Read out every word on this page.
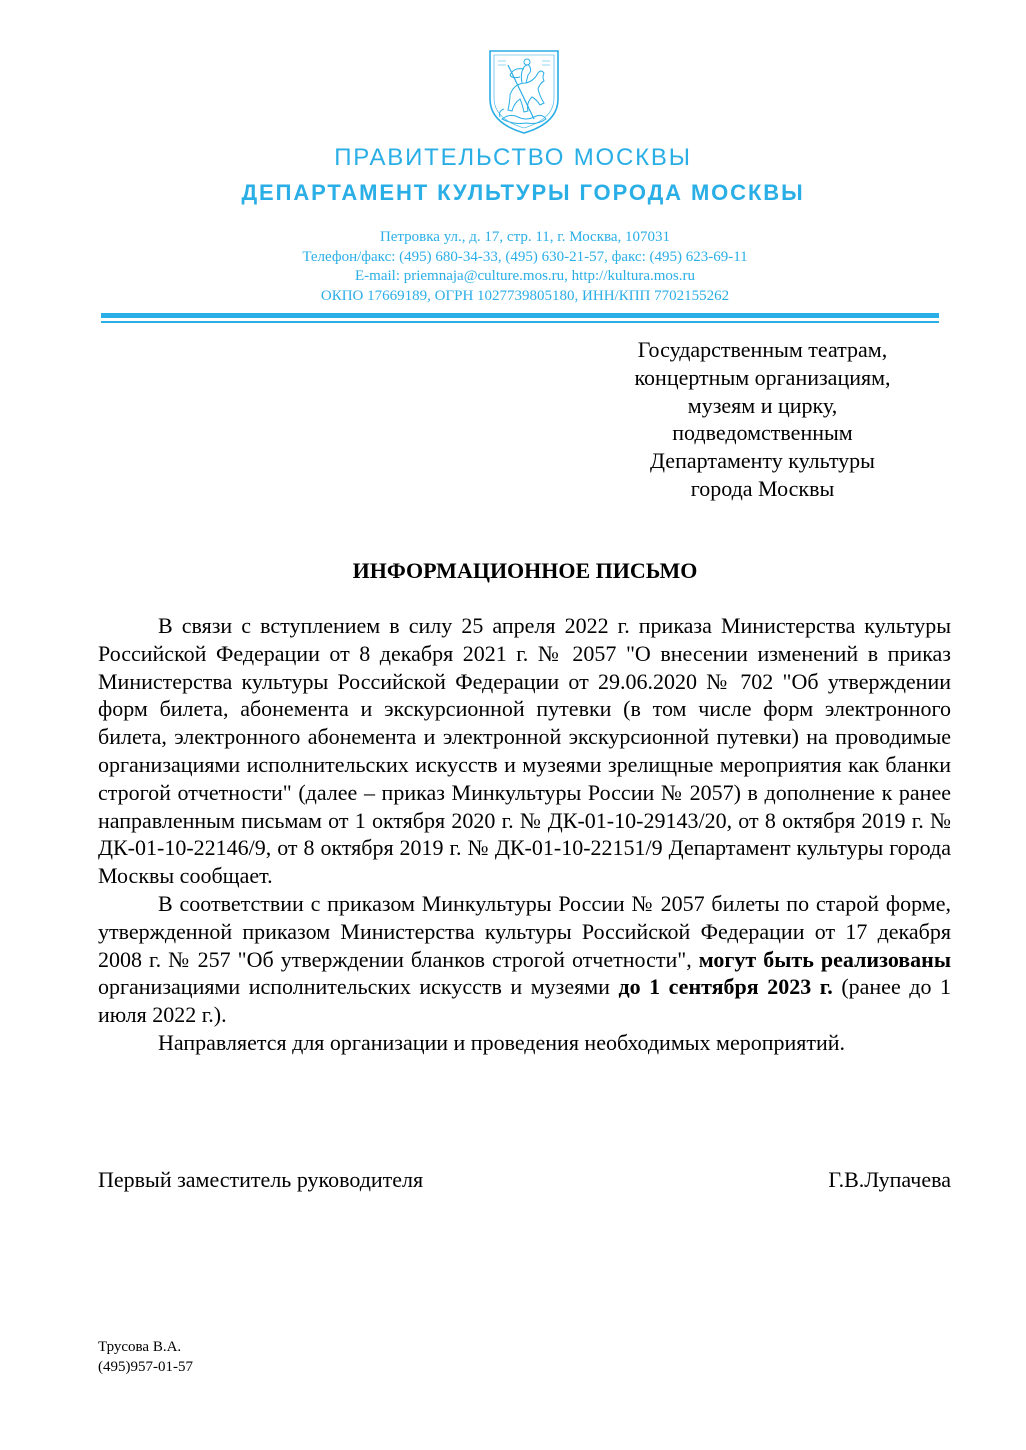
ПРАВИТЕЛЬСТВО МОСКВЫ
ДЕПАРТАМЕНТ КУЛЬТУРЫ ГОРОДА МОСКВЫ
Петровка ул., д. 17, стр. 11, г. Москва, 107031
Телефон/факс: (495) 680-34-33, (495) 630-21-57, факс: (495) 623-69-11
E-mail: priemnaja@culture.mos.ru, http://kultura.mos.ru
ОКПО 17669189, ОГРН 1027739805180, ИНН/КПП 7702155262
Государственным театрам,
концертным организациям,
музеям и цирку,
подведомственным
Департаменту культуры
города Москвы
ИНФОРМАЦИОННОЕ ПИСЬМО

В связи с вступлением в силу 25 апреля 2022 г. приказа Министерства культуры Российской Федерации от 8 декабря 2021 г. № 2057 "О внесении изменений в приказ Министерства культуры Российской Федерации от 29.06.2020 № 702 "Об утверждении форм билета, абонемента и экскурсионной путевки (в том числе форм электронного билета, электронного абонемента и электронной экскурсионной путевки) на проводимые организациями исполнительских искусств и музеями зрелищные мероприятия как бланки строгой отчетности" (далее – приказ Минкультуры России № 2057) в дополнение к ранее направленным письмам от 1 октября 2020 г. № ДК-01-10-29143/20, от 8 октября 2019 г. № ДК-01-10-22146/9, от 8 октября 2019 г. № ДК-01-10-22151/9 Департамент культуры города Москвы сообщает.

В соответствии с приказом Минкультуры России № 2057 билеты по старой форме, утвержденной приказом Министерства культуры Российской Федерации от 17 декабря 2008 г. № 257 "Об утверждении бланков строгой отчетности", могут быть реализованы организациями исполнительских искусств и музеями до 1 сентября 2023 г. (ранее до 1 июля 2022 г.).

Направляется для организации и проведения необходимых мероприятий.

Первый заместитель руководителя	Г.В.Лупачева
Трусова В.А.
(495)957-01-57
